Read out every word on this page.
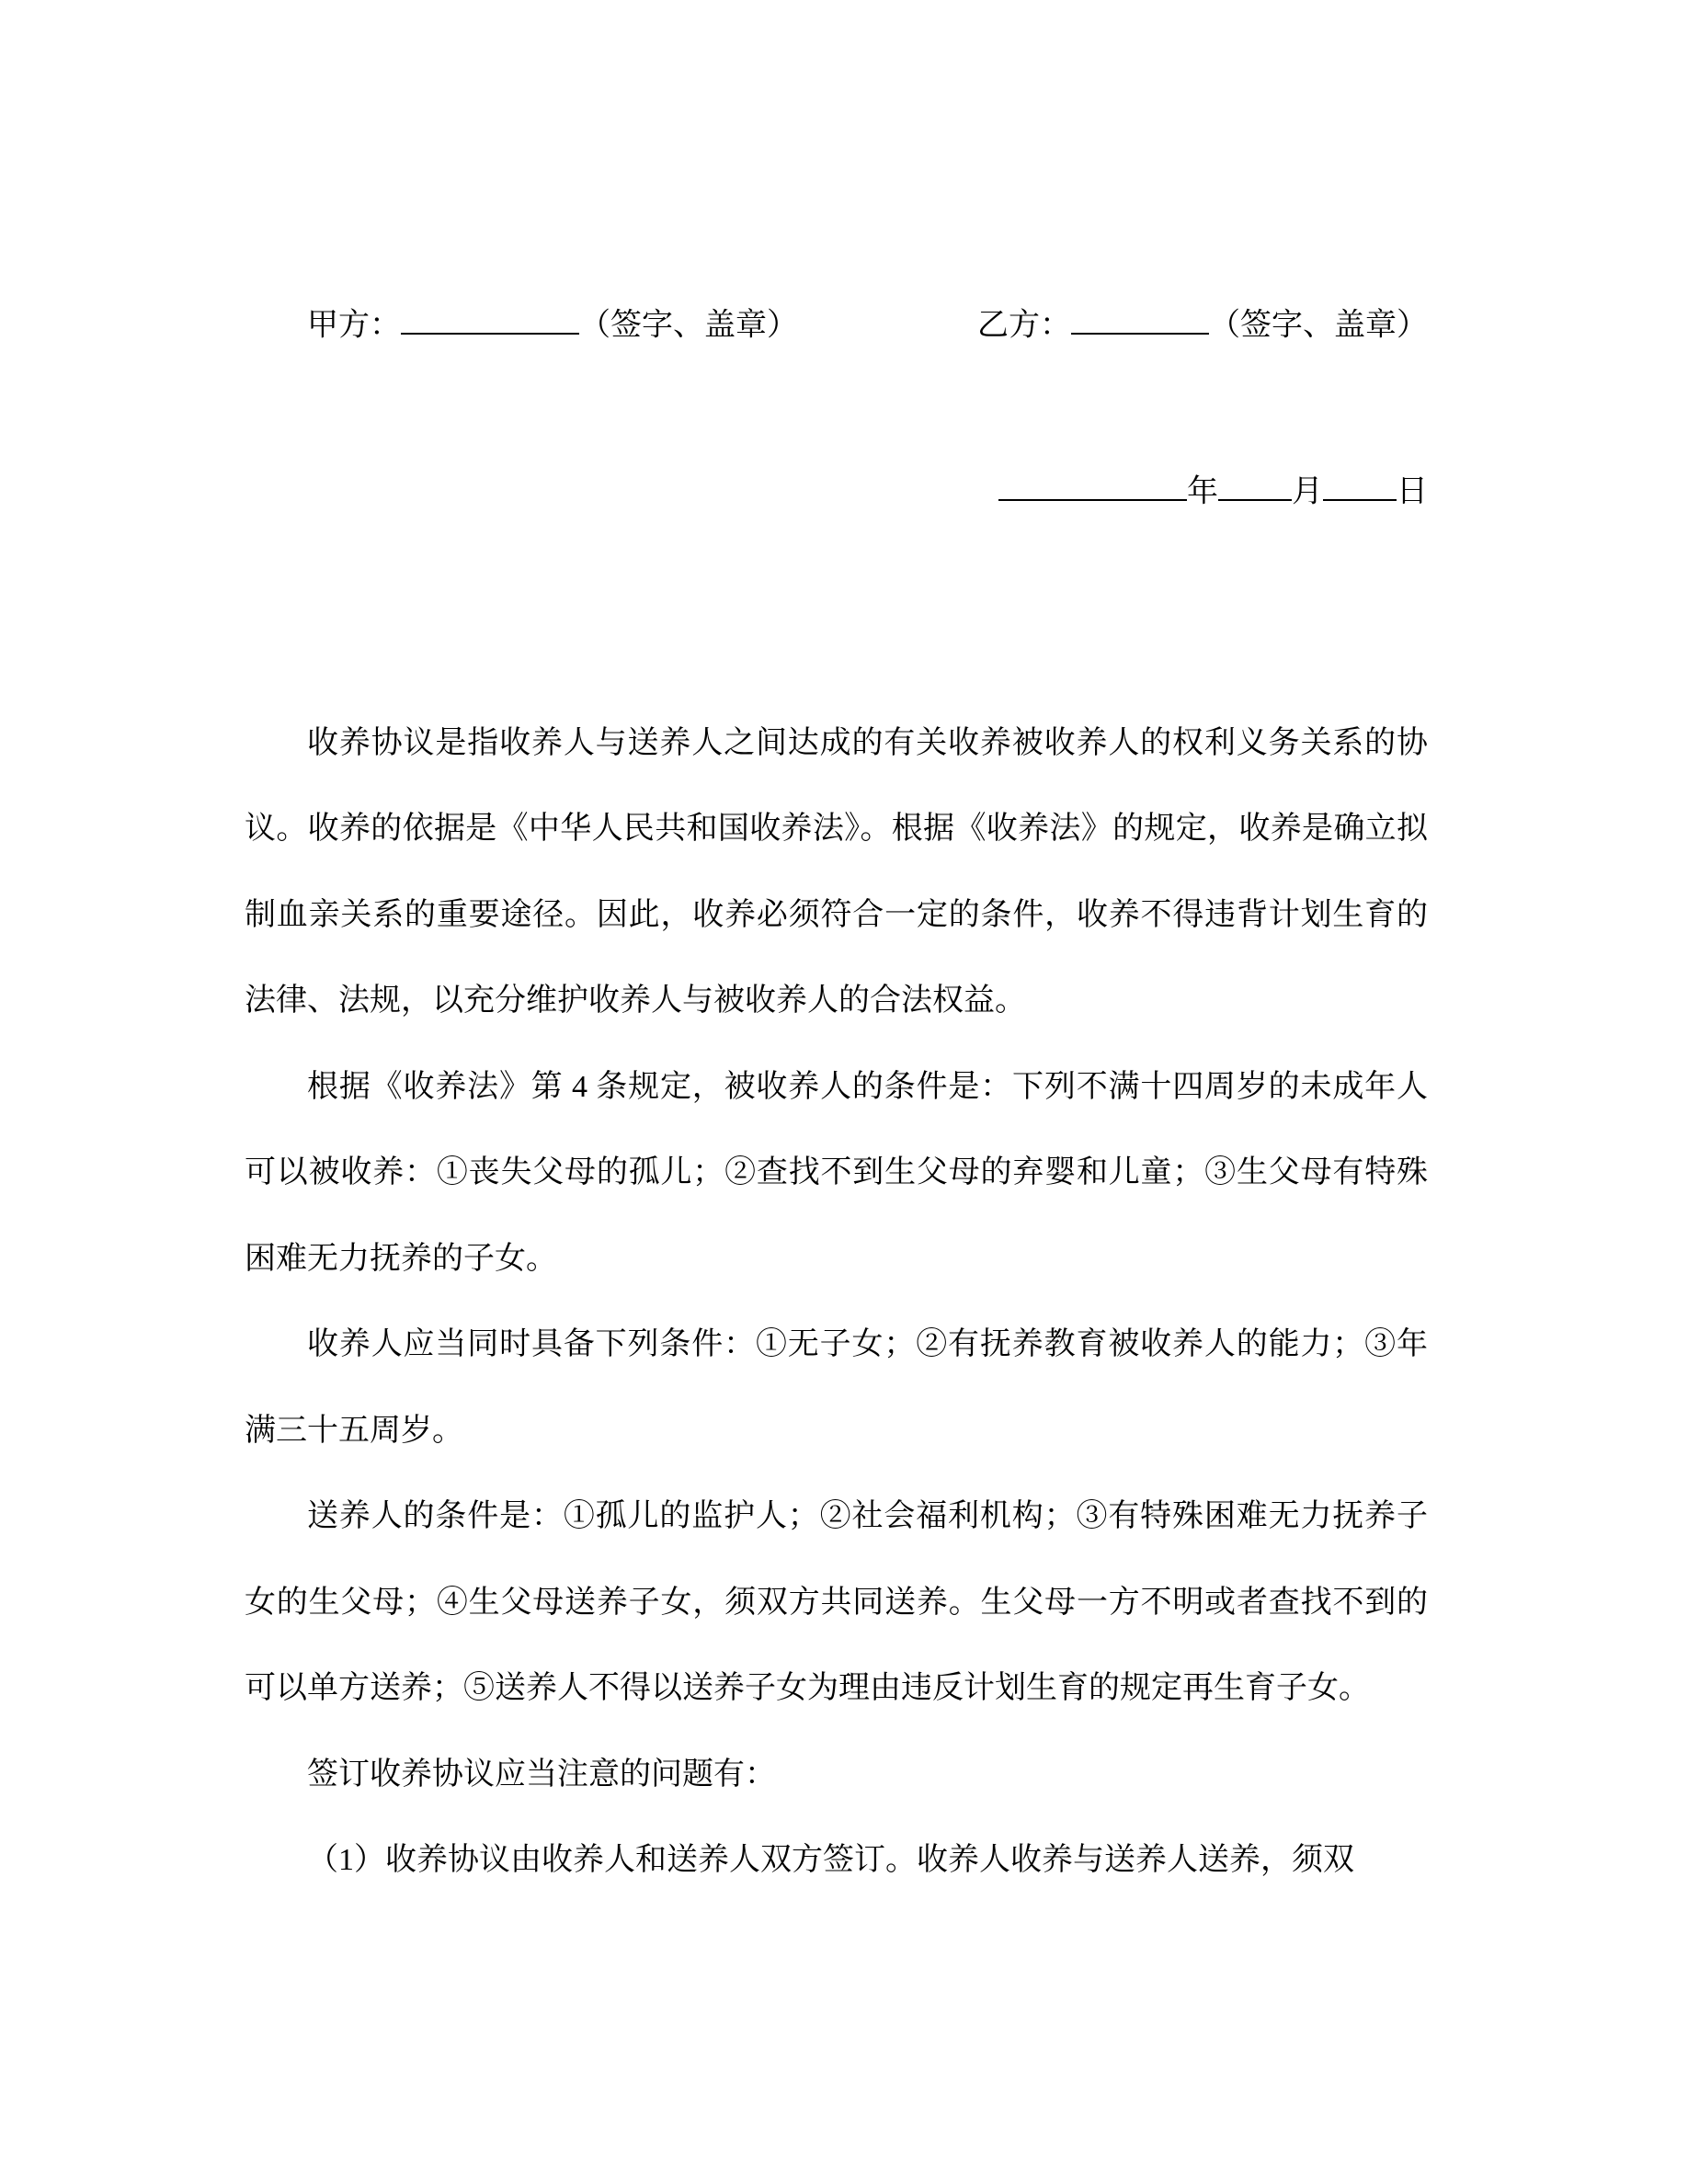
甲方：	（签字、盖章）	乙方：	（签字、盖章）
年 月 日

收养协议是指收养人与送养人之间达成的有关收养被收养人的权利义务关系的协议。收养的依据是《中华人民共和国收养法》。根据《收养法》的规定，收养是确立拟制血亲关系的重要途径。因此，收养必须符合一定的条件，收养不得违背计划生育的法律、法规，以充分维护收养人与被收养人的合法权益。

根据《收养法》第 4 条规定，被收养人的条件是：下列不满十四周岁的未成年人可以被收养：①丧失父母的孤儿；②查找不到生父母的弃婴和儿童；③生父母有特殊困难无力抚养的子女。

收养人应当同时具备下列条件：①无子女；②有抚养教育被收养人的能力；③年满三十五周岁。

送养人的条件是：①孤儿的监护人；②社会福利机构；③有特殊困难无力抚养子女的生父母；④生父母送养子女，须双方共同送养。生父母一方不明或者查找不到的可以单方送养；⑤送养人不得以送养子女为理由违反计划生育的规定再生育子女。

签订收养协议应当注意的问题有：

（1）收养协议由收养人和送养人双方签订。收养人收养与送养人送养，须双
